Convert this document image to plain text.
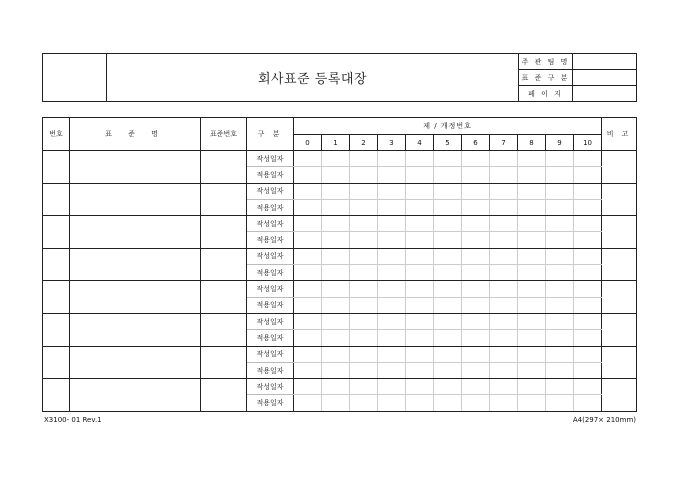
	회사표준 등록대장	주 관 팀 명	
		표 준 구 분	
		페 이 지	
번호	표 준 명	표준번호	구 분	제 / 개정번호											비 고
				0	1	2	3	4	5	6	7	8	9	10	
			작성일자												
			적용일자												
			작성일자												
			적용일자												
			작성일자												
			적용일자												
			작성일자												
			적용일자												
			작성일자												
			적용일자												
			작성일자												
			적용일자												
			작성일자												
			적용일자												
			작성일자												
			적용일자												
X3100- 01 Rev.1	A4(297× 210mm)
